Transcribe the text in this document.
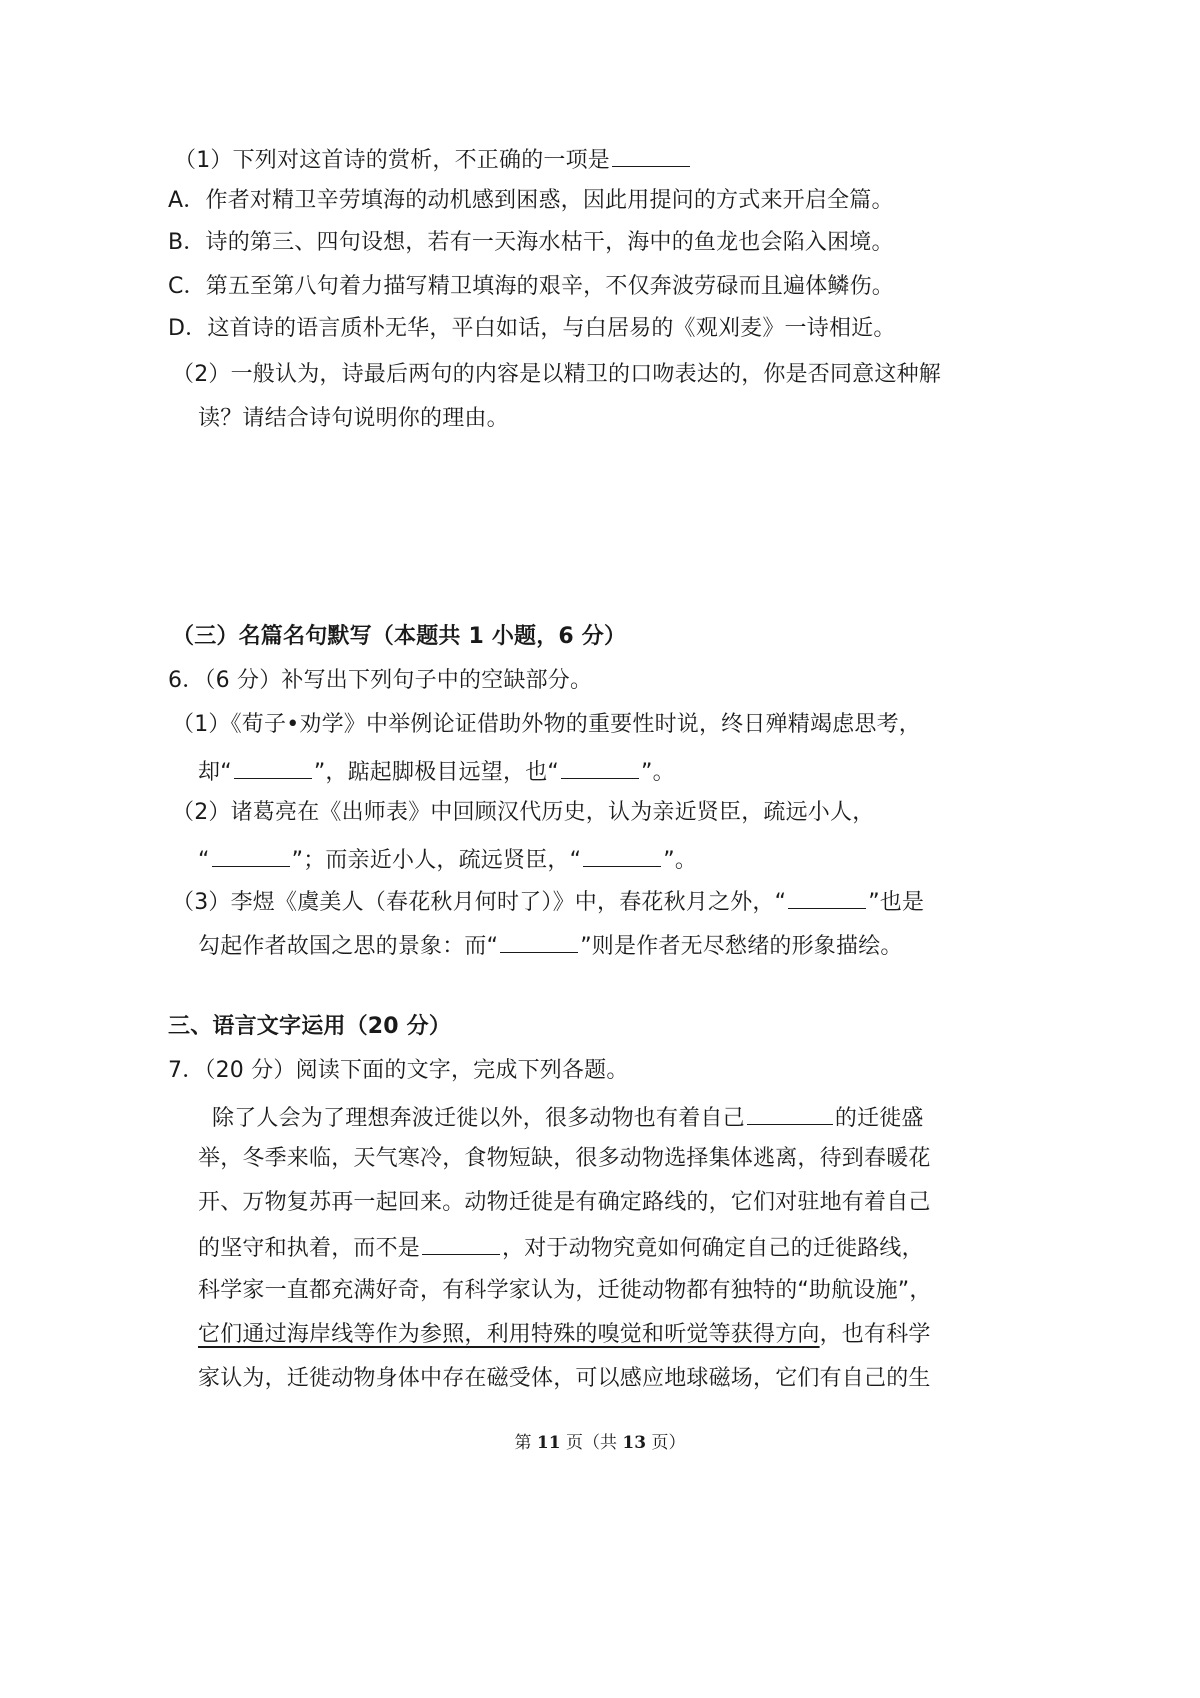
（1）下列对这首诗的赏析，不正确的一项是
A．作者对精卫辛劳填海的动机感到困惑，因此用提问的方式来开启全篇。
B．诗的第三、四句设想，若有一天海水枯干，海中的鱼龙也会陷入困境。
C．第五至第八句着力描写精卫填海的艰辛，不仅奔波劳碌而且遍体鳞伤。
D．这首诗的语言质朴无华，平白如话，与白居易的《观刈麦》一诗相近。
（2）一般认为，诗最后两句的内容是以精卫的口吻表达的，你是否同意这种解
读？请结合诗句说明你的理由。
（三）名篇名句默写（本题共 1 小题，6 分）
6．（6 分）补写出下列句子中的空缺部分。
（1）《荀子•劝学》中举例论证借助外物的重要性时说，终日殚精竭虑思考，
却“	”，踮起脚极目远望，也“	”。
（2）诸葛亮在《出师表》中回顾汉代历史，认为亲近贤臣，疏远小人，
“	”；而亲近小人，疏远贤臣，“	”。
（3）李煜《虞美人（春花秋月何时了）》中，春花秋月之外，“	”也是
勾起作者故国之思的景象：而“	”则是作者无尽愁绪的形象描绘。
三、语言文字运用（20 分）
7．（20 分）阅读下面的文字，完成下列各题。
除了人会为了理想奔波迁徙以外，很多动物也有着自己	的迁徙盛
举，冬季来临，天气寒冷，食物短缺，很多动物选择集体逃离，待到春暖花
开、万物复苏再一起回来。动物迁徙是有确定路线的，它们对驻地有着自己
的坚守和执着，而不是	，对于动物究竟如何确定自己的迁徙路线，
科学家一直都充满好奇，有科学家认为，迁徙动物都有独特的“助航设施”，
它们通过海岸线等作为参照，利用特殊的嗅觉和听觉等获得方向，也有科学
家认为，迁徙动物身体中存在磁受体，可以感应地球磁场，它们有自己的生
第 11 页（共 13 页）
